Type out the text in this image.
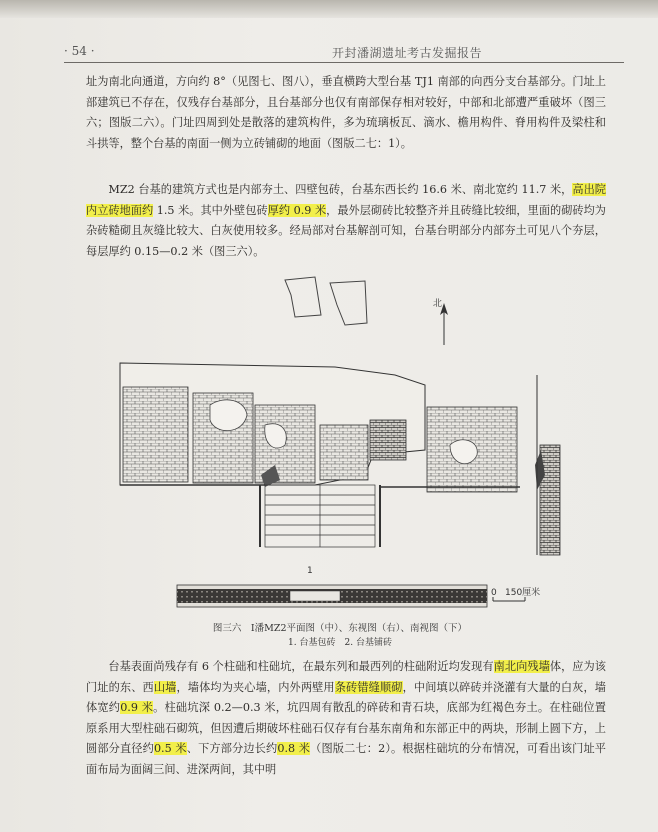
· 54 ·	开封潘湖遗址考古发掘报告
址为南北向通道，方向约 8°（见图七、图八），垂直横跨大型台基 TJ1 南部的向西分支台基部分。门址上部建筑已不存在，仅残存台基部分，且台基部分也仅有南部保存相对较好，中部和北部遭严重破坏（图三六；图版二六）。门址四周到处是散落的建筑构件，多为琉璃板瓦、滴水、檐用构件、脊用构件及梁柱和斗拱等，整个台基的南面一侧为立砖铺砌的地面（图版二七：1）。
MZ2 台基的建筑方式也是内部夯土、四壁包砖，台基东西长约 16.6 米、南北宽约 11.7 米，高出院内立砖地面约 1.5 米。其中外壁包砖厚约 0.9 米，最外层砌砖比较整齐并且砖缝比较细，里面的砌砖均为杂砖糙砌且灰缝比较大、白灰使用较多。经局部对台基解剖可知，台基台明部分内部夯土可见八个夯层，每层厚约 0.15—0.2 米（图三六）。
北
1
0 150厘米
图三六　Ⅰ潘MZ2平面图（中）、东视图（右）、南视图（下）
1. 台基包砖　2. 台基铺砖
台基表面尚残存有 6 个柱础和柱础坑，在最东列和最西列的柱础附近均发现有南北向残墙体，应为该门址的东、西山墙，墙体均为夹心墙，内外两壁用条砖错缝顺砌，中间填以碎砖并浇灌有大量的白灰，墙体宽约0.9 米。柱础坑深 0.2—0.3 米，坑四周有散乱的碎砖和青石块，底部为红褐色夯土。在柱础位置原系用大型柱础石砌筑，但因遭后期破坏柱础石仅存有台基东南角和东部正中的两块，形制上圆下方，上圆部分直径约0.5 米、下方部分边长约0.8 米（图版二七：2）。根据柱础坑的分布情况，可看出该门址平面布局为面阔三间、进深两间，其中明
